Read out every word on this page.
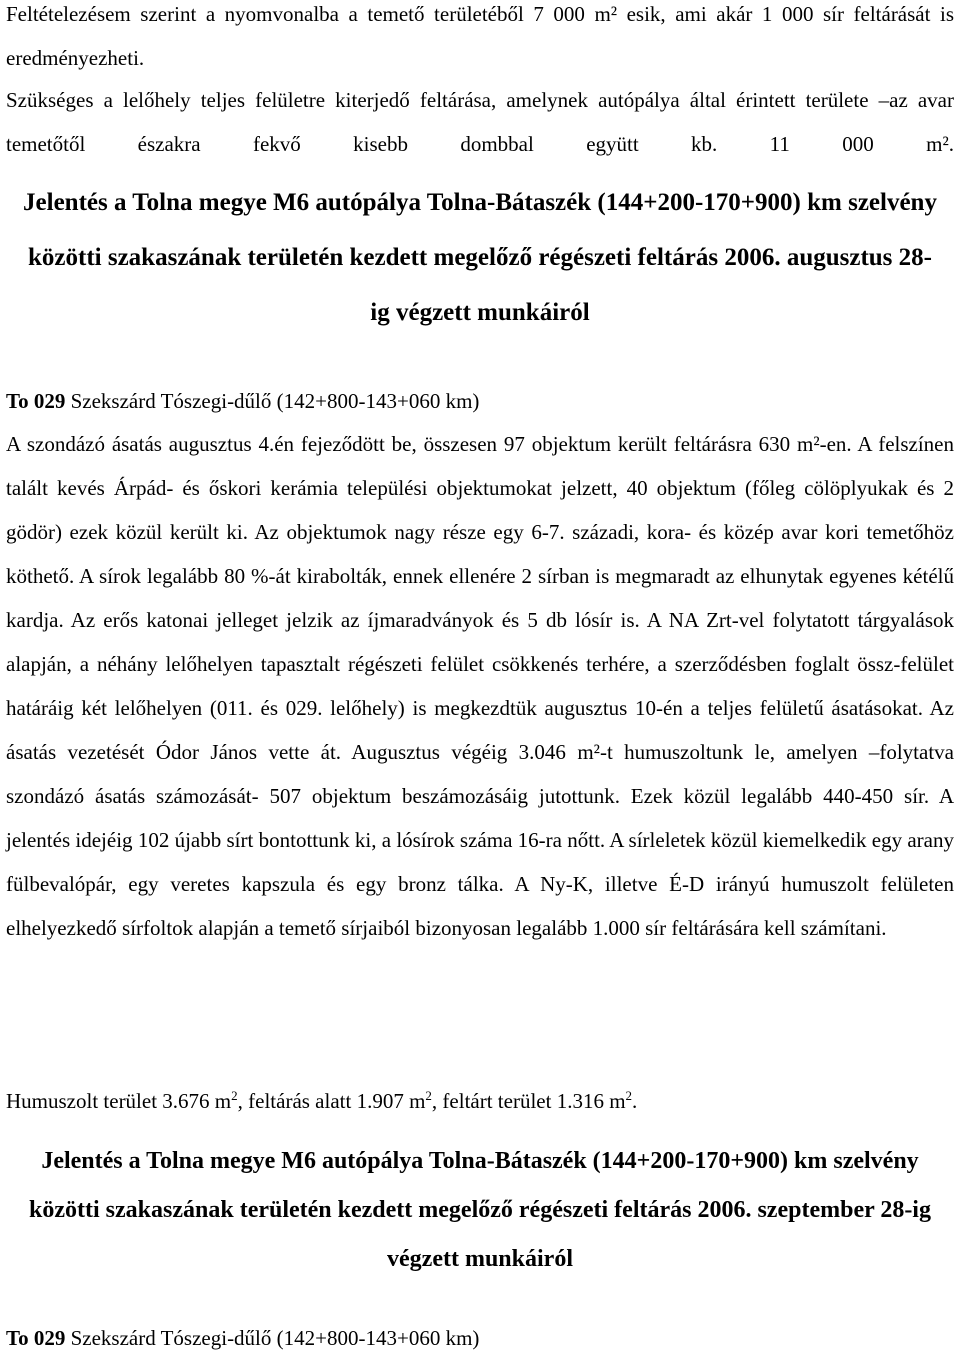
Feltételezésem szerint a nyomvonalba a temető területéből 7 000 m² esik, ami akár 1 000 sír feltárását is eredményezheti.

Szükséges a lelőhely teljes felületre kiterjedő feltárása, amelynek autópálya által érintett területe –az avar temetőtől északra fekvő kisebb dombbal együtt kb. 11 000 m².

Jelentés a Tolna megye M6 autópálya Tolna-Bátaszék (144+200-170+900) km szelvény közötti szakaszának területén kezdett megelőző régészeti feltárás 2006. augusztus 28-ig végzett munkáiról
To 029 Szekszárd Tószegi-dűlő (142+800-143+060 km)

A szondázó ásatás augusztus 4.én fejeződött be, összesen 97 objektum került feltárásra 630 m²-en. A felszínen talált kevés Árpád- és őskori kerámia települési objektumokat jelzett, 40 objektum (főleg cölöplyukak és 2 gödör) ezek közül került ki. Az objektumok nagy része egy 6-7. századi, kora- és közép avar kori temetőhöz köthető. A sírok legalább 80 %-át kirabolták, ennek ellenére 2 sírban is megmaradt az elhunytak egyenes kétélű kardja. Az erős katonai jelleget jelzik az íjmaradványok és 5 db lósír is. A NA Zrt-vel folytatott tárgyalások alapján, a néhány lelőhelyen tapasztalt régészeti felület csökkenés terhére, a szerződésben foglalt össz-felület határáig két lelőhelyen (011. és 029. lelőhely) is megkezdtük augusztus 10-én a teljes felületű ásatásokat. Az ásatás vezetését Ódor János vette át. Augusztus végéig 3.046 m²-t humuszoltunk le, amelyen –folytatva szondázó ásatás számozását- 507 objektum beszámozásáig jutottunk. Ezek közül legalább 440-450 sír. A jelentés idejéig 102 újabb sírt bontottunk ki, a lósírok száma 16-ra nőtt. A sírleletek közül kiemelkedik egy arany fülbevalópár, egy veretes kapszula és egy bronz tálka. A Ny-K, illetve É-D irányú humuszolt felületen elhelyezkedő sírfoltok alapján a temető sírjaiból bizonyosan legalább 1.000 sír feltárására kell számítani.

Humuszolt terület 3.676 $m^2$, feltárás alatt 1.907 $m^2$, feltárt terület 1.316 $m^2$.
Jelentés a Tolna megye M6 autópálya Tolna-Bátaszék (144+200-170+900) km szelvény közötti szakaszának területén kezdett megelőző régészeti feltárás 2006. szeptember 28-ig végzett munkáiról
To 029 Szekszárd Tószegi-dűlő (142+800-143+060 km)
